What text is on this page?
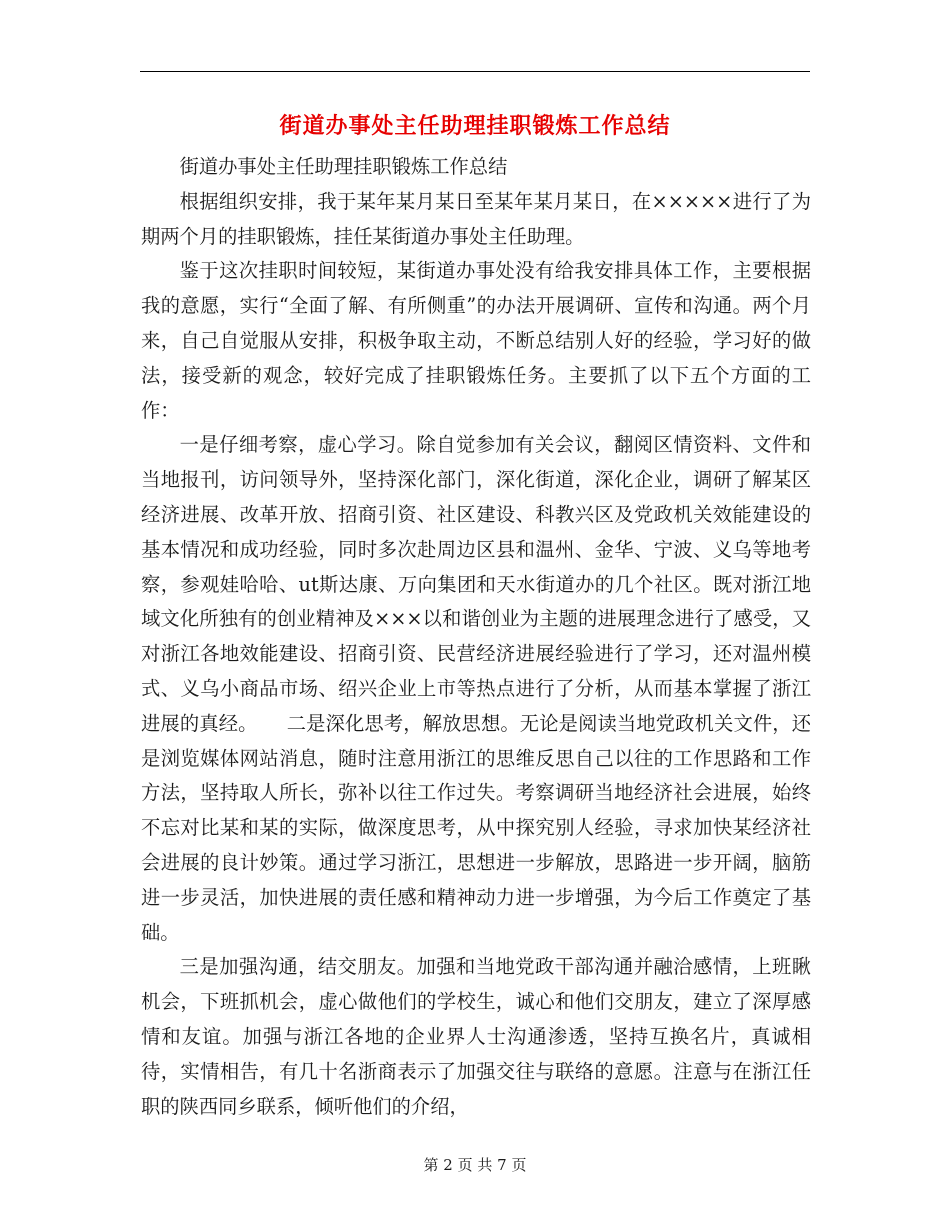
街道办事处主任助理挂职锻炼工作总结

街道办事处主任助理挂职锻炼工作总结

根据组织安排，我于某年某月某日至某年某月某日，在×××××进行了为期两个月的挂职锻炼，挂任某街道办事处主任助理。

鉴于这次挂职时间较短，某街道办事处没有给我安排具体工作，主要根据我的意愿，实行“全面了解、有所侧重”的办法开展调研、宣传和沟通。两个月来，自己自觉服从安排，积极争取主动，不断总结别人好的经验，学习好的做法，接受新的观念，较好完成了挂职锻炼任务。主要抓了以下五个方面的工作：

一是仔细考察，虚心学习。除自觉参加有关会议，翻阅区情资料、文件和当地报刊，访问领导外，坚持深化部门，深化街道，深化企业，调研了解某区经济进展、改革开放、招商引资、社区建设、科教兴区及党政机关效能建设的基本情况和成功经验，同时多次赴周边区县和温州、金华、宁波、义乌等地考察，参观娃哈哈、ut斯达康、万向集团和天水街道办的几个社区。既对浙江地域文化所独有的创业精神及×××以和谐创业为主题的进展理念进行了感受，又对浙江各地效能建设、招商引资、民营经济进展经验进行了学习，还对温州模式、义乌小商品市场、绍兴企业上市等热点进行了分析，从而基本掌握了浙江进展的真经。　　二是深化思考，解放思想。无论是阅读当地党政机关文件，还是浏览媒体网站消息，随时注意用浙江的思维反思自己以往的工作思路和工作方法，坚持取人所长，弥补以往工作过失。考察调研当地经济社会进展，始终不忘对比某和某的实际，做深度思考，从中探究别人经验，寻求加快某经济社会进展的良计妙策。通过学习浙江，思想进一步解放，思路进一步开阔，脑筋进一步灵活，加快进展的责任感和精神动力进一步增强，为今后工作奠定了基础。

三是加强沟通，结交朋友。加强和当地党政干部沟通并融洽感情，上班瞅机会，下班抓机会，虚心做他们的学校生，诚心和他们交朋友，建立了深厚感情和友谊。加强与浙江各地的企业界人士沟通渗透，坚持互换名片，真诚相待，实情相告，有几十名浙商表示了加强交往与联络的意愿。注意与在浙江任职的陕西同乡联系，倾听他们的介绍，

第 2 页 共 7 页
